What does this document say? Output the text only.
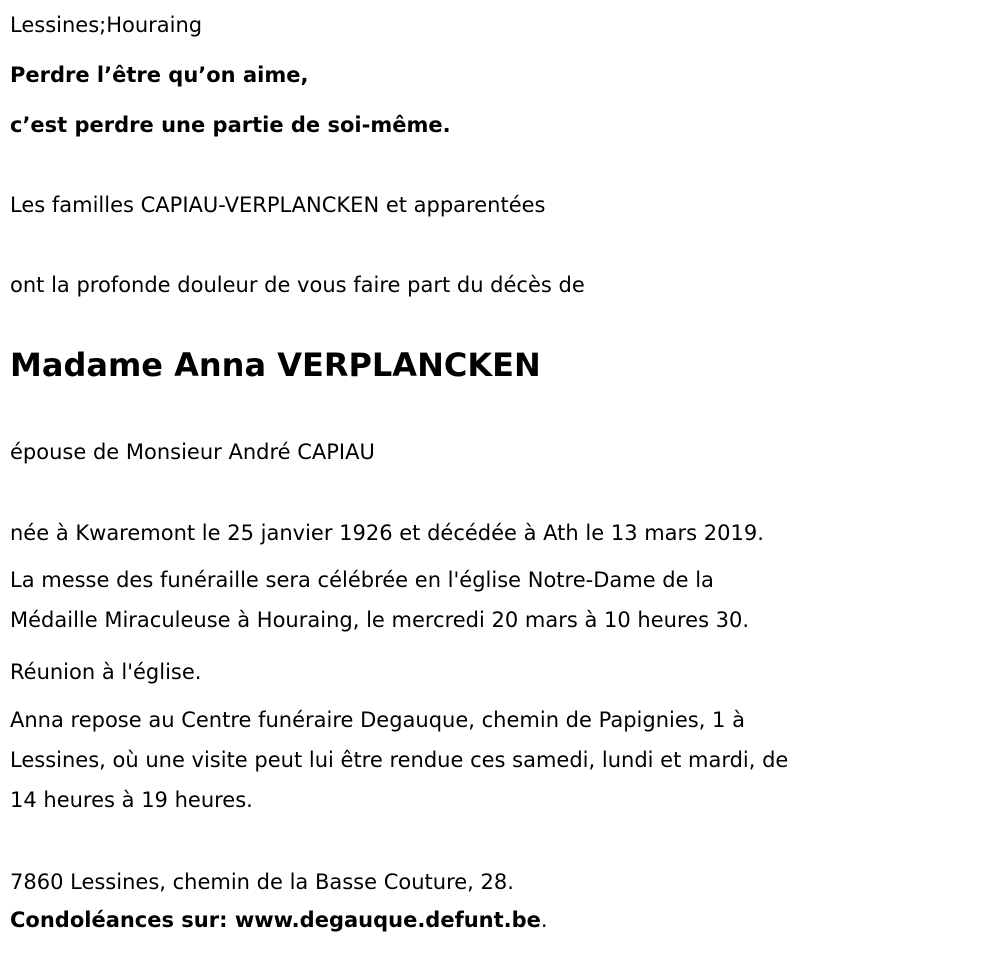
Lessines;Houraing
Perdre l’être qu’on aime,
c’est perdre une partie de soi-même.
Les familles CAPIAU-VERPLANCKEN et apparentées
ont la profonde douleur de vous faire part du décès de
Madame Anna VERPLANCKEN
épouse de Monsieur André CAPIAU
née à Kwaremont le 25 janvier 1926 et décédée à Ath le 13 mars 2019.
La messe des funéraille sera célébrée en l'église Notre-Dame de la
Médaille Miraculeuse à Houraing, le mercredi 20 mars à 10 heures 30.
Réunion à l'église.
Anna repose au Centre funéraire Degauque, chemin de Papignies, 1 à
Lessines, où une visite peut lui être rendue ces samedi, lundi et mardi, de
14 heures à 19 heures.
7860 Lessines, chemin de la Basse Couture, 28.
Condoléances sur: www.degauque.defunt.be.
